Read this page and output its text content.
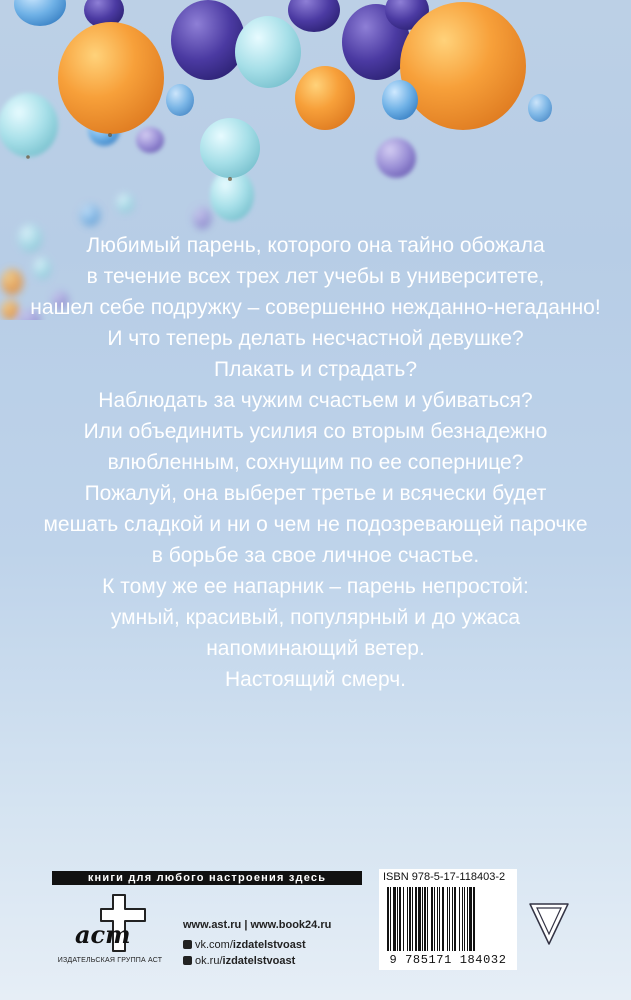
Любимый парень, которого она тайно обожала

в течение всех трех лет учебы в университете,

нашел себе подружку – совершенно нежданно-негаданно!

И что теперь делать несчастной девушке?

Плакать и страдать?

Наблюдать за чужим счастьем и убиваться?

Или объединить усилия со вторым безнадежно

влюбленным, сохнущим по ее сопернице?

Пожалуй, она выберет третье и всячески будет

мешать сладкой и ни о чем не подозревающей парочке

в борьбе за свое личное счастье.

К тому же ее напарник – парень непростой:

умный, красивый, популярный и до ужаса

напоминающий ветер.

Настоящий смерч.

книги для любого настроения здесь
аст
ИЗДАТЕЛЬСКАЯ ГРУППА АСТ
www.ast.ru | www.book24.ru
vk.com/izdatelstvoast
ok.ru/izdatelstvoast
ISBN 978-5-17-118403-2
9 785171 184032
